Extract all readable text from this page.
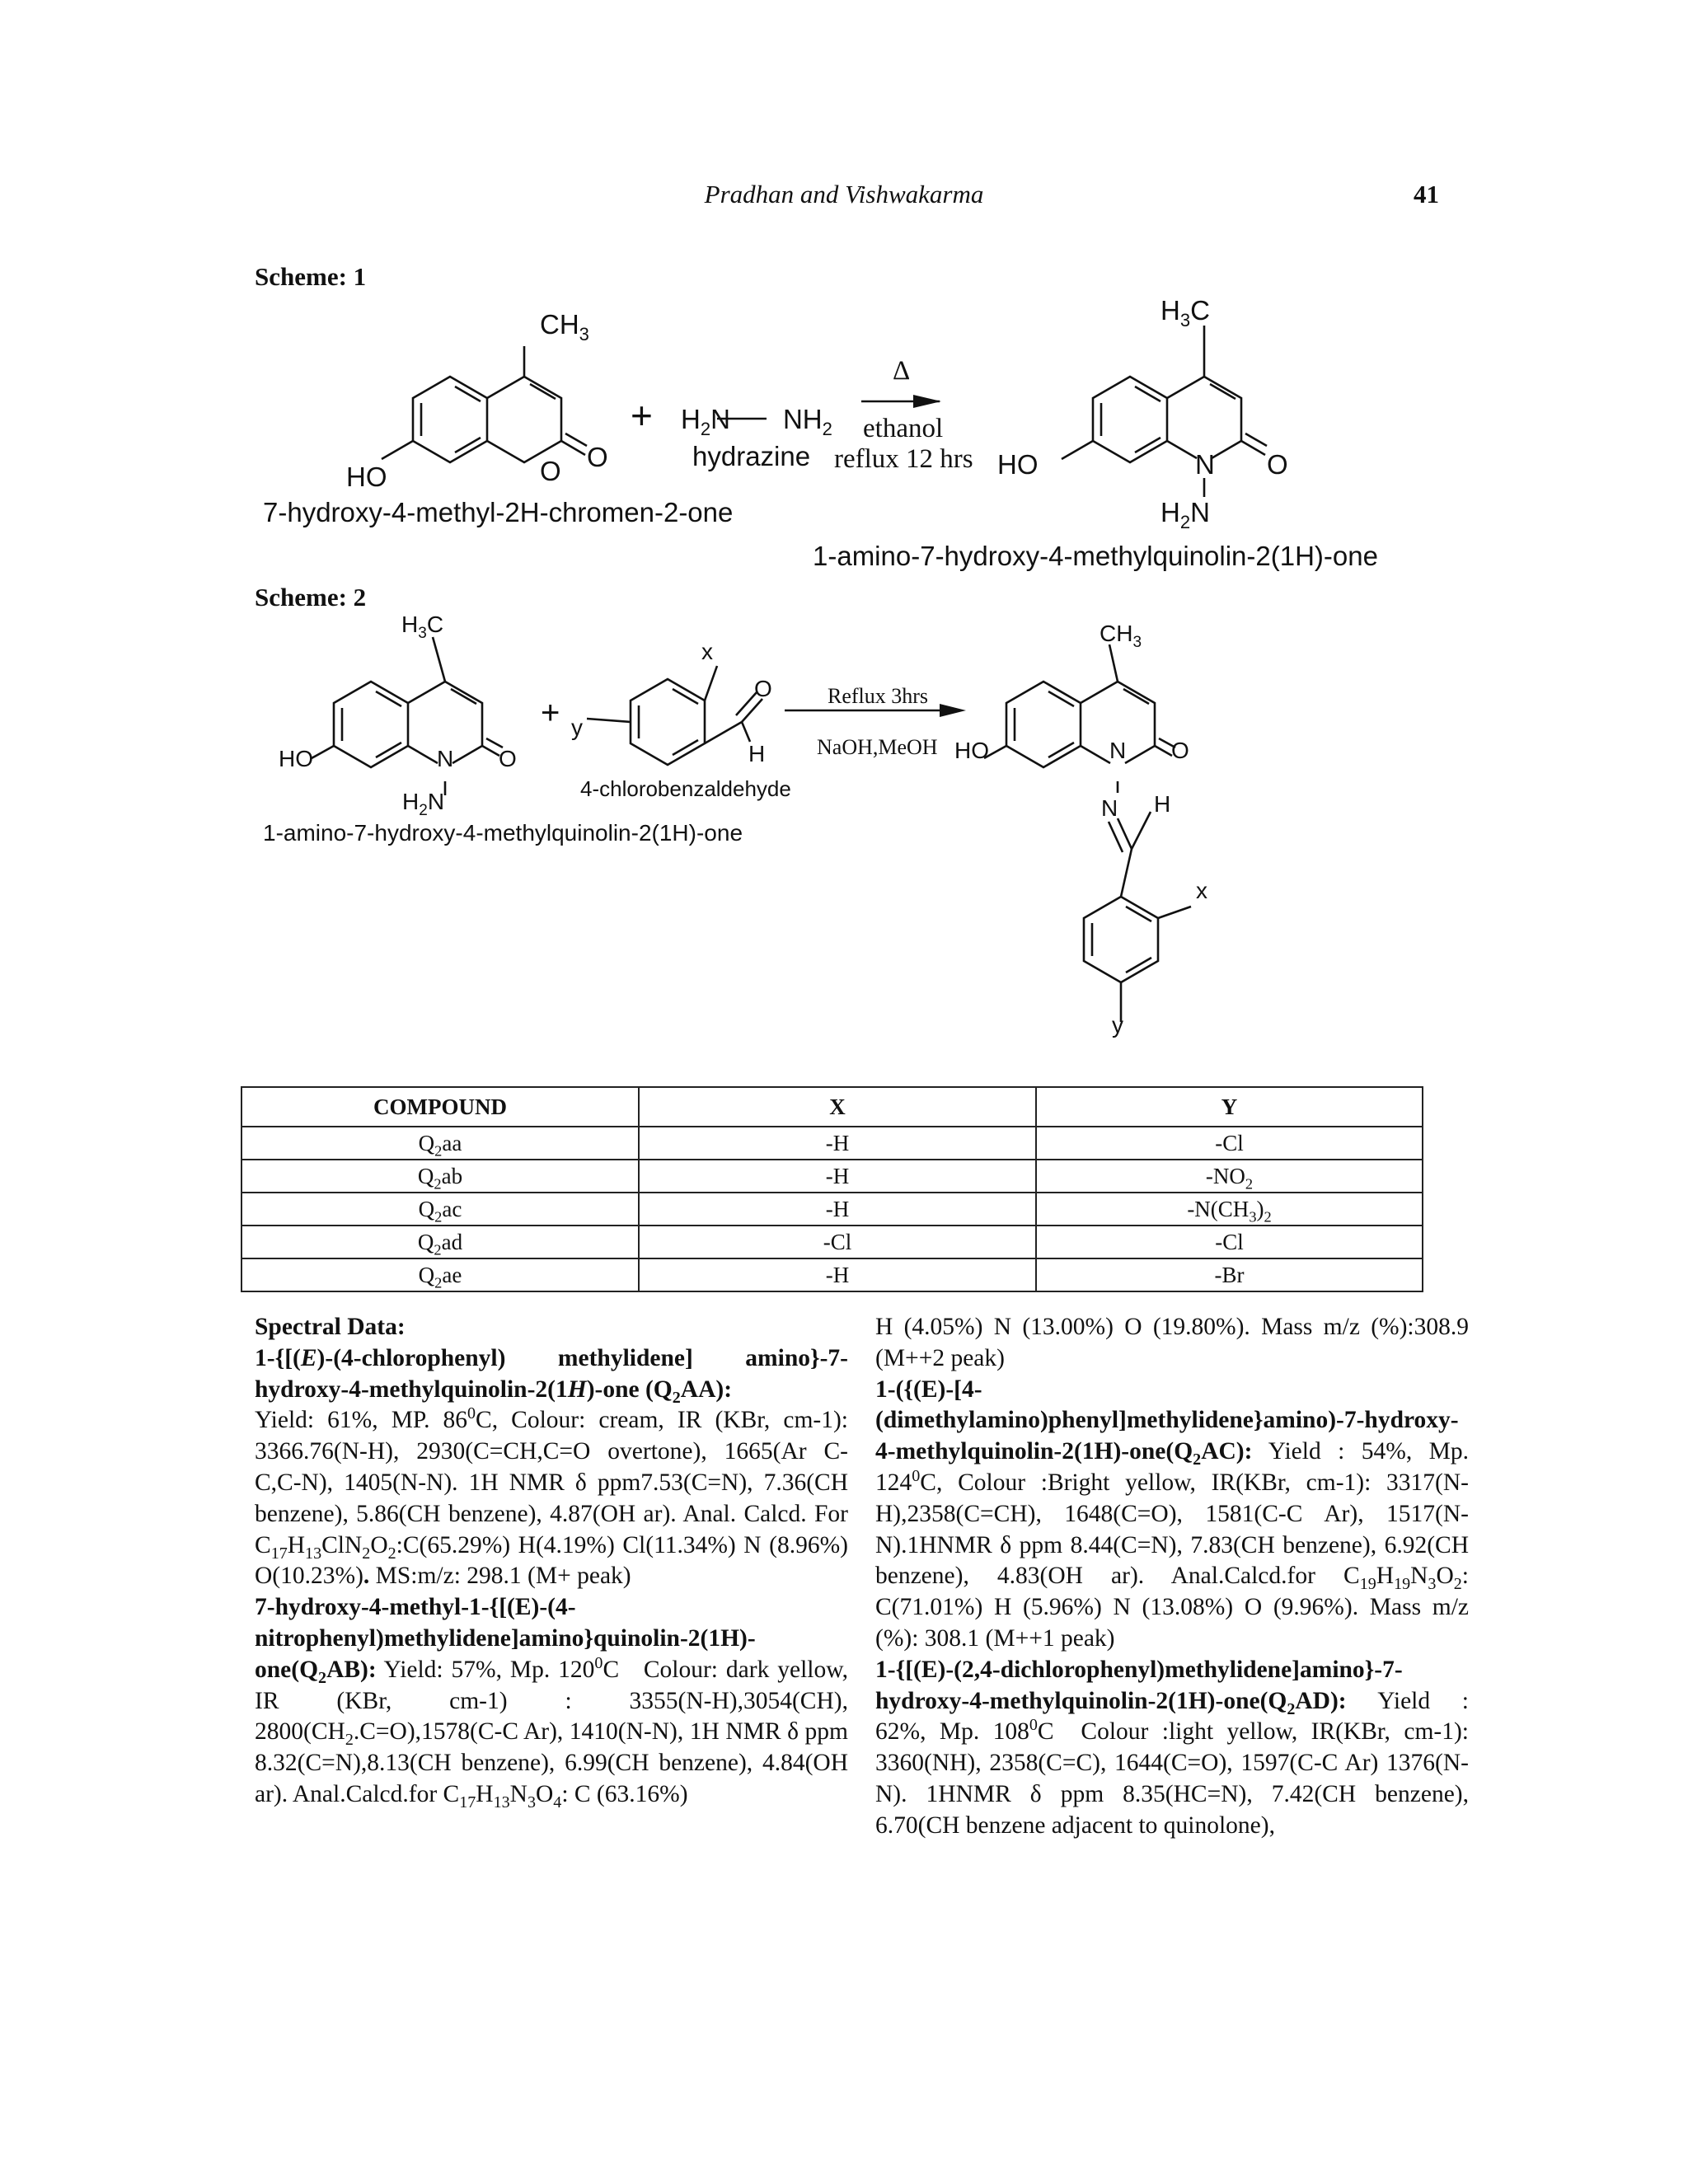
Pradhan and Vishwakarma	41
Scheme: 1
Scheme: 2
$CH_3$
HO	O O
7-hydroxy-4-methyl-2H-chromen-2-one
+ $H_2N$ $NH_2$
hydrazine
Δ
ethanol
reflux 12 hrs
$H_3C$
HO	N O
$H_2N$
1-amino-7-hydroxy-4-methylquinolin-2(1H)-one
$H_3C$
HO	N O
$H_2N$
1-amino-7-hydroxy-4-methylquinolin-2(1H)-one
+ y
x
O
H
4-chlorobenzaldehyde
Reflux 3hrs
NaOH,MeOH
$CH_3$
HO	N O
N H
x
y
COMPOUND	X	Y
$Q_2aa$	-H	-Cl
$Q_2ab$	-H	$-NO_2$
$Q_2ac$	-H	$-N(CH_3)_2$
$Q_2ad$	-Cl	-Cl
$Q_2ae$	-H	-Br

Spectral Data:

1-{[(E)-(4-chlorophenyl) methylidene] amino}-7-hydroxy-4-methylquinolin-2(1H)-one $(Q_2AA)$:
Yield: 61%, MP. $86^0C$, Colour: cream, IR (KBr, cm-1): 3366.76(N-H), 2930(C=CH,C=O overtone), 1665(Ar C-C,C-N), 1405(N-N). 1H NMR δ ppm7.53(C=N), 7.36(CH benzene), 5.86(CH benzene), 4.87(OH ar). Anal. Calcd. For $C_{17}H_{13}ClN_2O_2:C(65.29\%)$ H(4.19%) Cl(11.34%) N (8.96%) O(10.23%). MS:m/z: 298.1 (M+ peak)

$7-hydroxy-4-methyl-1-\{[(E)-(4-nitrophenyl)methylidene]amino\}quinolin-2(1H)-one(Q_2AB)$: Yield: 57%, Mp. $120^0C$   Colour: dark yellow, IR (KBr, cm-1) : 3355(N-H),3054(CH), $2800(CH_2.C=O),1578(C-C$ Ar), 1410(N-N), 1H NMR δ ppm 8.32(C=N),8.13(CH benzene), 6.99(CH benzene), 4.84(OH ar). Anal.Calcd.for $C_{17}H_{13}N_3O_4$: C (63.16%)

H (4.05%) N (13.00%) O (19.80%). Mass m/z (%):308.9 (M++2 peak)

$1-(\{(E)-[4-(dimethylamino)phenyl]methylidene\}amino)-7-hydroxy-4-methylquinolin-2(1H)-one(Q_2AC)$: Yield : 54%, Mp. $124^0C$, Colour :Bright yellow, IR(KBr, cm-1): 3317(N-H),2358(C=CH), 1648(C=O), 1581(C-C Ar), 1517(N-N).1HNMR δ ppm 8.44(C=N), 7.83(CH benzene), 6.92(CH benzene), 4.83(OH ar). Anal.Calcd.for $C_{19}H_{19}N_3O_2$: C(71.01%) H (5.96%) N (13.08%) O (9.96%). Mass m/z (%): 308.1 (M++1 peak)

$1-\{[(E)-(2,4-dichlorophenyl)methylidene]amino\}-7-hydroxy-4-methylquinolin-2(1H)-one(Q_2AD)$: Yield : 62%, Mp. $108^0C$  Colour :light yellow, IR(KBr, cm-1): 3360(NH), 2358(C=C), 1644(C=O), 1597(C-C Ar) 1376(N-N). 1HNMR δ ppm 8.35(HC=N), 7.42(CH benzene), 6.70(CH benzene adjacent to quinolone),
